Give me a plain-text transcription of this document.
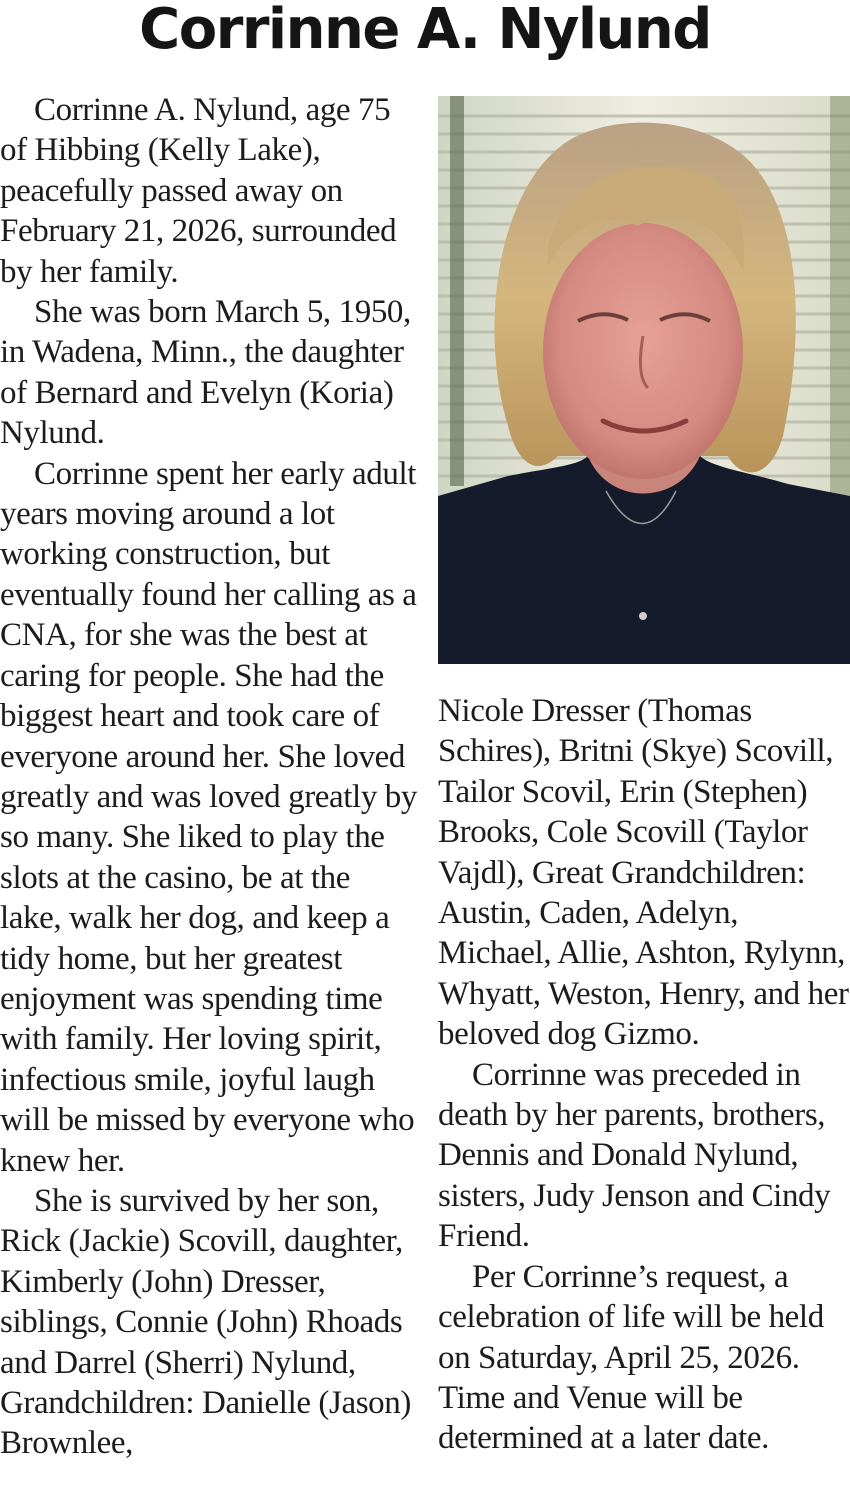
Corrinne A. Nylund

Corrinne A. Nylund, age 75 of Hibbing (Kelly Lake), peacefully passed away on February 21, 2026, surrounded by her family.

She was born March 5, 1950, in Wadena, Minn., the daughter of Bernard and Evelyn (Koria) Nylund.

Corrinne spent her early adult years moving around a lot working construction, but eventually found her calling as a CNA, for she was the best at caring for people. She had the biggest heart and took care of everyone around her. She loved greatly and was loved greatly by so many. She liked to play the slots at the casino, be at the lake, walk her dog, and keep a tidy home, but her greatest enjoyment was spending time with family. Her loving spirit, infectious smile, joyful laugh will be missed by everyone who knew her.

She is survived by her son, Rick (Jackie) Scovill, daughter, Kimberly (John) Dresser, siblings, Connie (John) Rhoads and Darrel (Sherri) Nylund, Grandchildren: Danielle (Jason) Brownlee,

Nicole Dresser (Thomas Schires), Britni (Skye) Scovill, Tailor Scovil, Erin (Stephen) Brooks, Cole Scovill (Taylor Vajdl), Great Grandchildren: Austin, Caden, Adelyn, Michael, Allie, Ashton, Rylynn, Whyatt, Weston, Henry, and her beloved dog Gizmo.

Corrinne was preceded in death by her parents, brothers, Dennis and Donald Nylund, sisters, Judy Jenson and Cindy Friend.

Per Corrinne’s request, a celebration of life will be held on Saturday, April 25, 2026. Time and Venue will be determined at a later date.
